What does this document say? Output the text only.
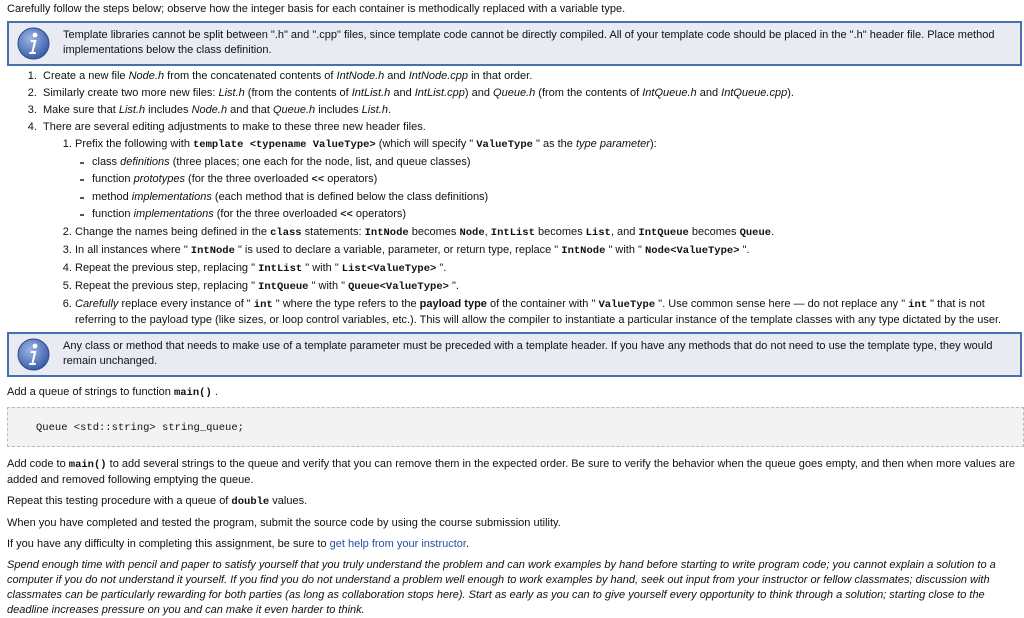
Carefully follow the steps below; observe how the integer basis for each container is methodically replaced with a variable type.

Template libraries cannot be split between ".h" and ".cpp" files, since template code cannot be directly compiled. All of your template code should be placed in the ".h" header file. Place method implementations below the class definition.
1. Create a new file Node.h from the concatenated contents of IntNode.h and IntNode.cpp in that order.
2. Similarly create two more new files: List.h (from the contents of IntList.h and IntList.cpp) and Queue.h (from the contents of IntQueue.h and IntQueue.cpp).
3. Make sure that List.h includes Node.h and that Queue.h includes List.h.
4. There are several editing adjustments to make to these three new header files.
1. Prefix the following with template <typename ValueType> (which will specify " ValueType " as the type parameter):
class definitions (three places; one each for the node, list, and queue classes)
function prototypes (for the three overloaded << operators)
method implementations (each method that is defined below the class definitions)
function implementations (for the three overloaded << operators)
2. Change the names being defined in the class statements: IntNode becomes Node, IntList becomes List, and IntQueue becomes Queue.
3. In all instances where " IntNode " is used to declare a variable, parameter, or return type, replace " IntNode " with " Node<ValueType> ".
4. Repeat the previous step, replacing " IntList " with " List<ValueType> ".
5. Repeat the previous step, replacing " IntQueue " with " Queue<ValueType> ".
6. Carefully replace every instance of " int " where the type refers to the payload type of the container with " ValueType ". Use common sense here — do not replace any " int " that is not referring to the payload type (like sizes, or loop control variables, etc.). This will allow the compiler to instantiate a particular instance of the template classes with any type dictated by the user.
Any class or method that needs to make use of a template parameter must be preceded with a template header. If you have any methods that do not need to use the template type, they would remain unchanged.

Add a queue of strings to function main() .

Queue <std::string> string_queue;

Add code to main() to add several strings to the queue and verify that you can remove them in the expected order. Be sure to verify the behavior when the queue goes empty, and then when more values are added and removed following emptying the queue.

Repeat this testing procedure with a queue of double values.

When you have completed and tested the program, submit the source code by using the course submission utility.

If you have any difficulty in completing this assignment, be sure to get help from your instructor.

Spend enough time with pencil and paper to satisfy yourself that you truly understand the problem and can work examples by hand before starting to write program code; you cannot explain a solution to a computer if you do not understand it yourself. If you find you do not understand a problem well enough to work examples by hand, seek out input from your instructor or fellow classmates; discussion with classmates can be particularly rewarding for both parties (as long as collaboration stops here). Start as early as you can to give yourself every opportunity to think through a solution; starting close to the deadline increases pressure on you and can make it even harder to think.
